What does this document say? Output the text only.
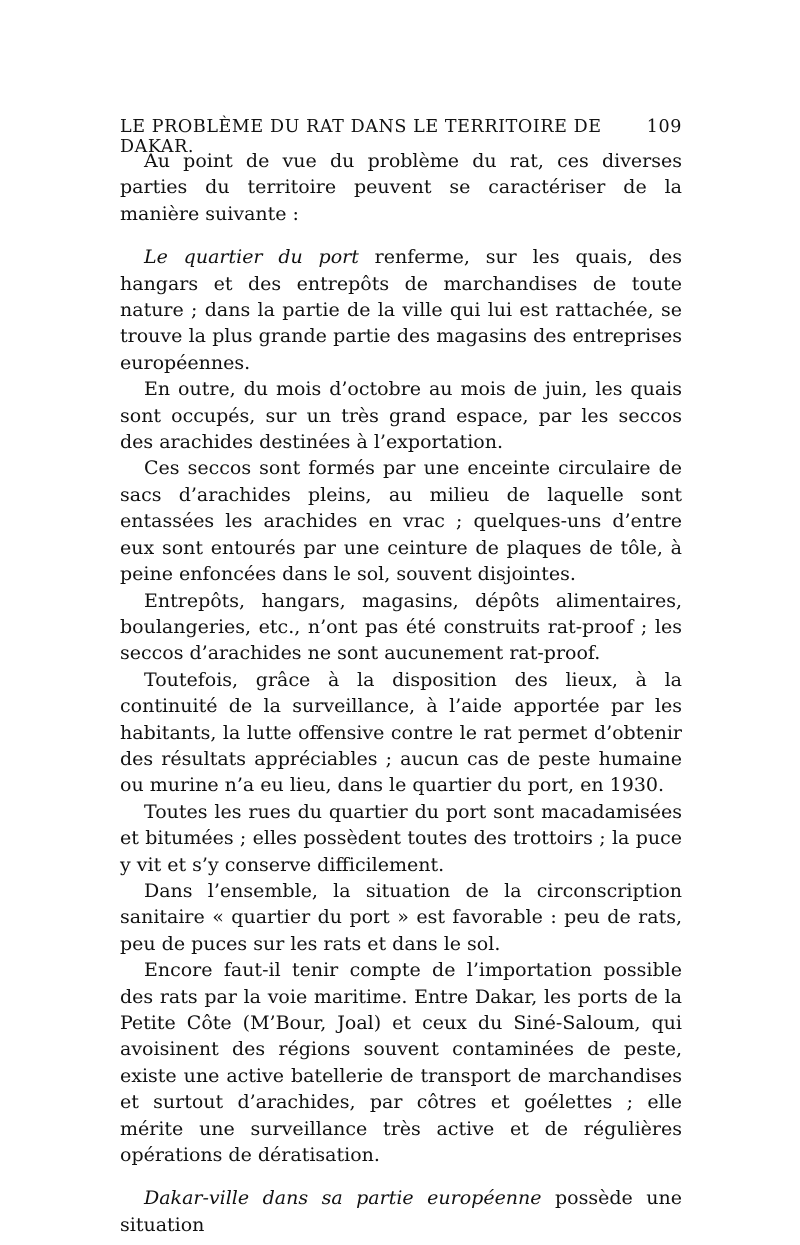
LE PROBLÈME DU RAT DANS LE TERRITOIRE DE DAKAR.
109

Au point de vue du problème du rat, ces diverses parties du territoire peuvent se caractériser de la manière suivante :

Le quartier du port renferme, sur les quais, des hangars et des entrepôts de marchandises de toute nature ; dans la partie de la ville qui lui est rattachée, se trouve la plus grande partie des magasins des entreprises européennes.

En outre, du mois d’octobre au mois de juin, les quais sont occupés, sur un très grand espace, par les seccos des arachides destinées à l’exportation.

Ces seccos sont formés par une enceinte circulaire de sacs d’arachides pleins, au milieu de laquelle sont entassées les arachides en vrac ; quelques-uns d’entre eux sont entourés par une ceinture de plaques de tôle, à peine enfoncées dans le sol, souvent disjointes.

Entrepôts, hangars, magasins, dépôts alimentaires, boulangeries, etc., n’ont pas été construits rat-proof ; les seccos d’arachides ne sont aucunement rat-proof.

Toutefois, grâce à la disposition des lieux, à la continuité de la surveillance, à l’aide apportée par les habitants, la lutte offensive contre le rat permet d’obtenir des résultats appréciables ; aucun cas de peste humaine ou murine n’a eu lieu, dans le quartier du port, en 1930.

Toutes les rues du quartier du port sont macadamisées et bitumées ; elles possèdent toutes des trottoirs ; la puce y vit et s’y conserve difficilement.

Dans l’ensemble, la situation de la circonscription sanitaire « quartier du port » est favorable : peu de rats, peu de puces sur les rats et dans le sol.

Encore faut-il tenir compte de l’importation possible des rats par la voie maritime. Entre Dakar, les ports de la Petite Côte (M’Bour, Joal) et ceux du Siné-Saloum, qui avoisinent des régions souvent contaminées de peste, existe une active batellerie de transport de marchandises et surtout d’arachides, par côtres et goélettes ; elle mérite une surveillance très active et de régulières opérations de dératisation.

Dakar-ville dans sa partie européenne possède une situation
